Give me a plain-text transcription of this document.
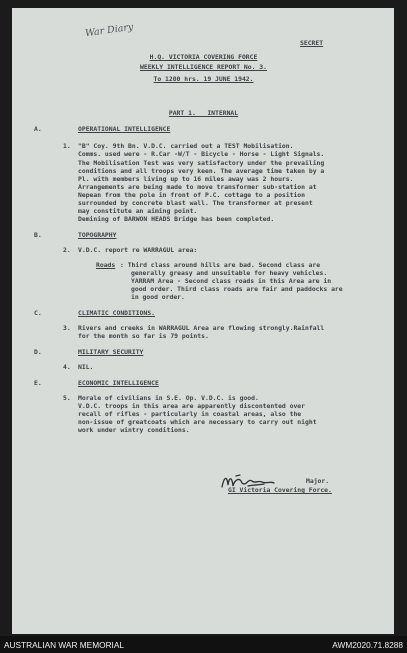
War Diary
SECRET
H.Q. VICTORIA COVERING FORCE
WEEKLY INTELLIGENCE REPORT No. 3.
To 1200 hrs. 19 JUNE 1942.
PART 1.   INTERNAL
A.	OPERATIONAL INTELLIGENCE
1. "B" Coy. 9th Bn. V.D.C. carried out a TEST Mobilisation.
Comms. used were - R.Car -W/T - Bicycle - Horse - Light Signals.
The Mobilisation Test was very satisfactory under the prevailing
conditions and all troops very keen. The average time taken by a
Pl. with members living up to 16 miles away was 2 hours.
Arrangements are being made to move transformer sub-station at
Nepean from the pole in front of P.C. cottage to a position
surrounded by concrete blast wall. The transformer at present
may constitute an aiming point.
Demining of BARWON HEADS Bridge has been completed.
B.	TOPOGRAPHY
2. V.D.C. report re WARRAGUL area:
Roads : Third class around hills are bad. Second class are
generally greasy and unsuitable for heavy vehicles.
YARRAM Area - Second class roads in this Area are in
good order. Third class roads are fair and paddocks are
in good order.
C.	CLIMATIC CONDITIONS.
3. Rivers and creeks in WARRAGUL Area are flowing strongly.Rainfall
for the month so far is 79 points.
D.	MILITARY SECURITY
4. NIL.
E.	ECONOMIC INTELLIGENCE
5. Morale of civilians in S.E. Op. V.D.C. is good.
V.D.C. troops in this area are apparently discontented over
recall of rifles - particularly in coastal areas, also the
non-issue of greatcoats which are necessary to carry out night
work under wintry conditions.
Major.
GI Victoria Covering Force.
AUSTRALIAN WAR MEMORIAL	AWM2020.71.8288
